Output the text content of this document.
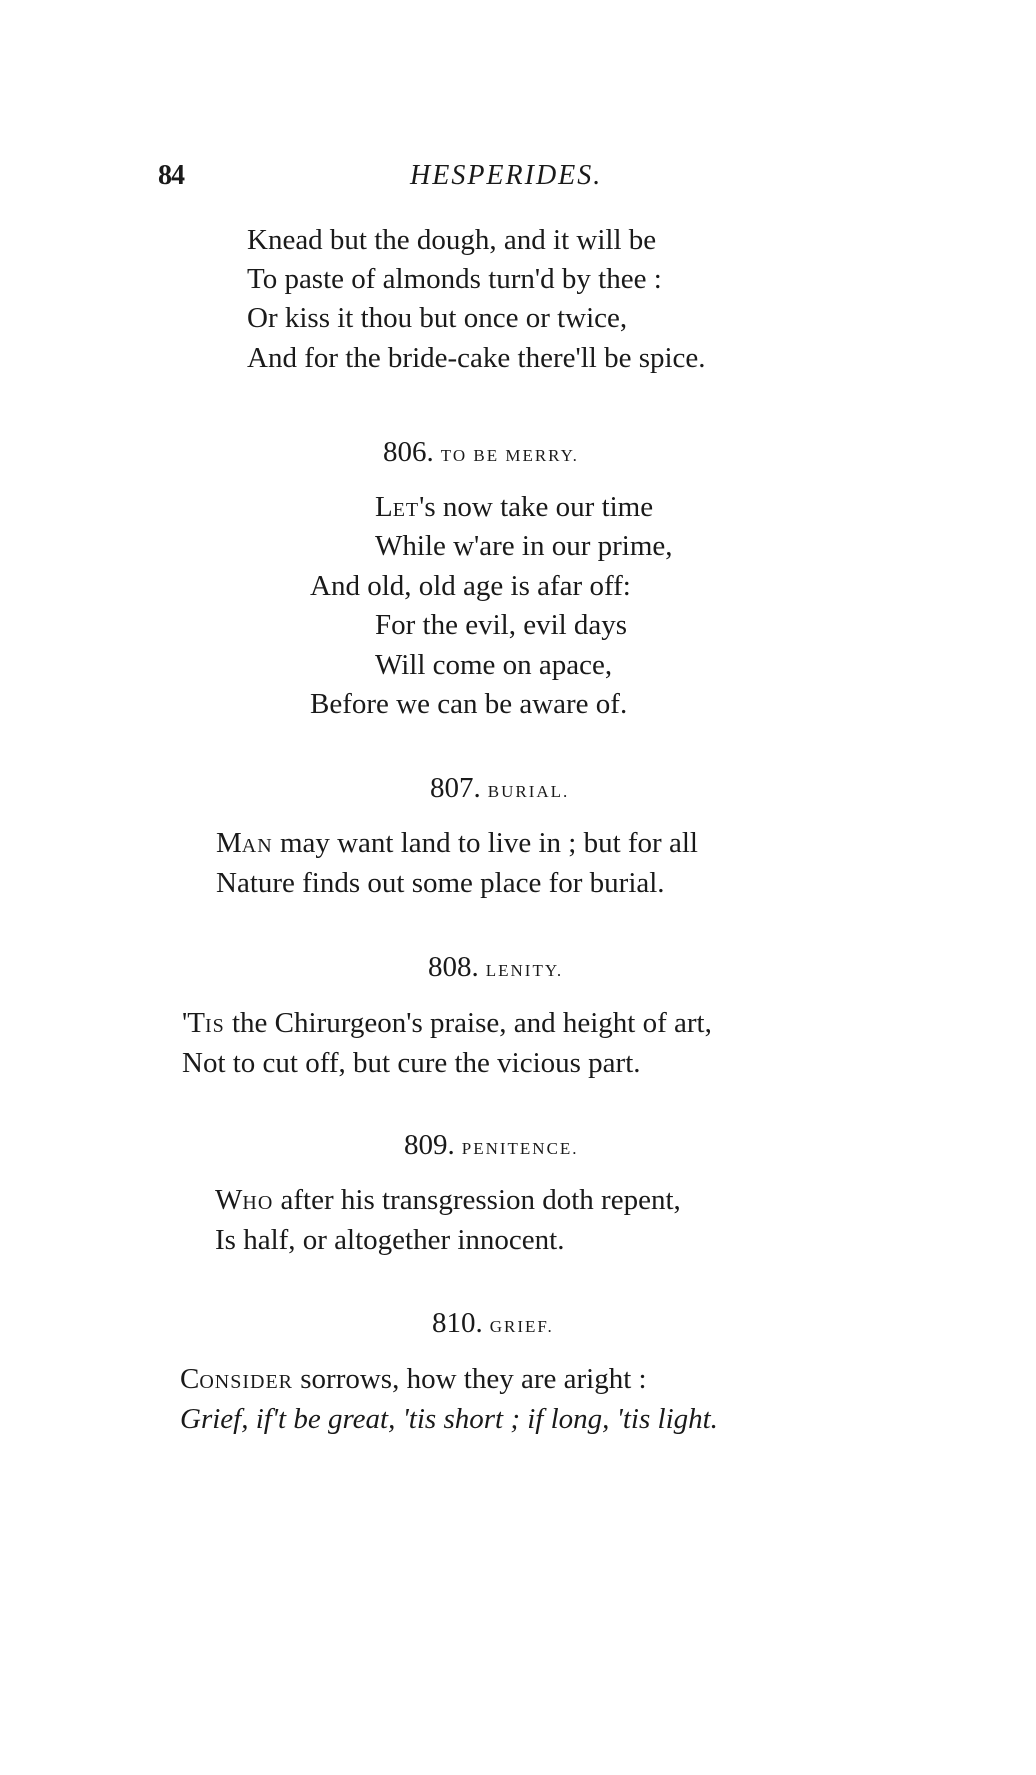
84	HESPERIDES.
Knead but the dough, and it will be
To paste of almonds turn'd by thee :
Or kiss it thou but once or twice,
And for the bride-cake there'll be spice.
806. TO BE MERRY.
LET's now take our time
While w'are in our prime,
And old, old age is afar off:
For the evil, evil days
Will come on apace,
Before we can be aware of.
807. BURIAL.
MAN may want land to live in ; but for all
Nature finds out some place for burial.
808. LENITY.
'TIS the Chirurgeon's praise, and height of art,
Not to cut off, but cure the vicious part.
809. PENITENCE.
WHO after his transgression doth repent,
Is half, or altogether innocent.
810. GRIEF.
CONSIDER sorrows, how they are aright :
Grief, if't be great, 'tis short ; if long, 'tis light.
